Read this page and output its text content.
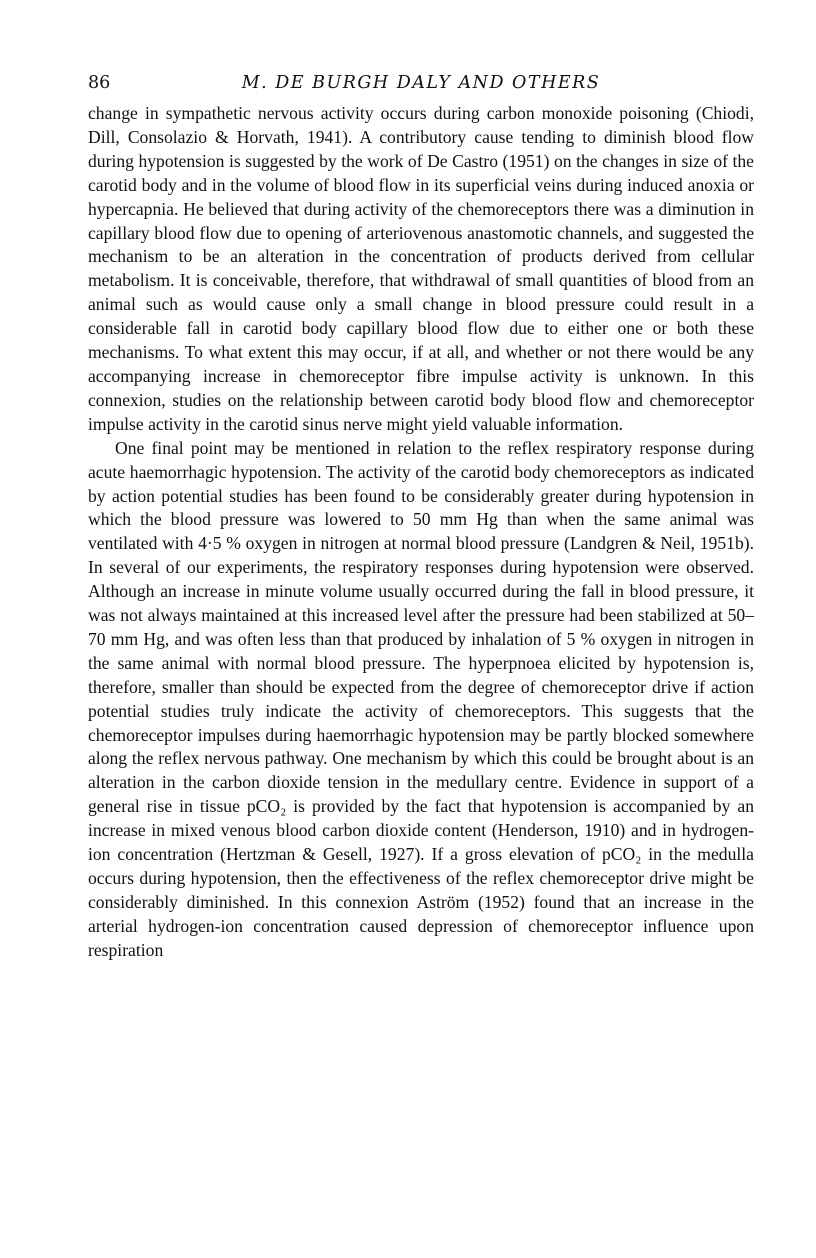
86	M. DE BURGH DALY AND OTHERS

change in sympathetic nervous activity occurs during carbon monoxide poisoning (Chiodi, Dill, Consolazio & Horvath, 1941). A contributory cause tending to diminish blood flow during hypotension is suggested by the work of De Castro (1951) on the changes in size of the carotid body and in the volume of blood flow in its superficial veins during induced anoxia or hypercapnia. He believed that during activity of the chemoreceptors there was a diminution in capillary blood flow due to opening of arteriovenous anastomotic channels, and suggested the mechanism to be an alteration in the concentration of products derived from cellular metabolism. It is conceivable, therefore, that withdrawal of small quantities of blood from an animal such as would cause only a small change in blood pressure could result in a considerable fall in carotid body capillary blood flow due to either one or both these mechanisms. To what extent this may occur, if at all, and whether or not there would be any accompanying increase in chemoreceptor fibre impulse activity is unknown. In this connexion, studies on the relationship between carotid body blood flow and chemoreceptor impulse activity in the carotid sinus nerve might yield valuable information.

One final point may be mentioned in relation to the reflex respiratory response during acute haemorrhagic hypotension. The activity of the carotid body chemoreceptors as indicated by action potential studies has been found to be considerably greater during hypotension in which the blood pressure was lowered to 50 mm Hg than when the same animal was ventilated with 4·5 % oxygen in nitrogen at normal blood pressure (Landgren & Neil, 1951b). In several of our experiments, the respiratory responses during hypotension were observed. Although an increase in minute volume usually occurred during the fall in blood pressure, it was not always maintained at this increased level after the pressure had been stabilized at 50–70 mm Hg, and was often less than that produced by inhalation of 5 % oxygen in nitrogen in the same animal with normal blood pressure. The hyperpnoea elicited by hypotension is, therefore, smaller than should be expected from the degree of chemoreceptor drive if action potential studies truly indicate the activity of chemoreceptors. This suggests that the chemoreceptor impulses during haemorrhagic hypotension may be partly blocked somewhere along the reflex nervous pathway. One mechanism by which this could be brought about is an alteration in the carbon dioxide tension in the medullary centre. Evidence in support of a general rise in tissue pCO₂ is provided by the fact that hypotension is accompanied by an increase in mixed venous blood carbon dioxide content (Henderson, 1910) and in hydrogen-ion concentration (Hertzman & Gesell, 1927). If a gross elevation of pCO₂ in the medulla occurs during hypotension, then the effectiveness of the reflex chemoreceptor drive might be considerably diminished. In this connexion Aström (1952) found that an increase in the arterial hydrogen-ion concentration caused depression of chemoreceptor influence upon respiration
